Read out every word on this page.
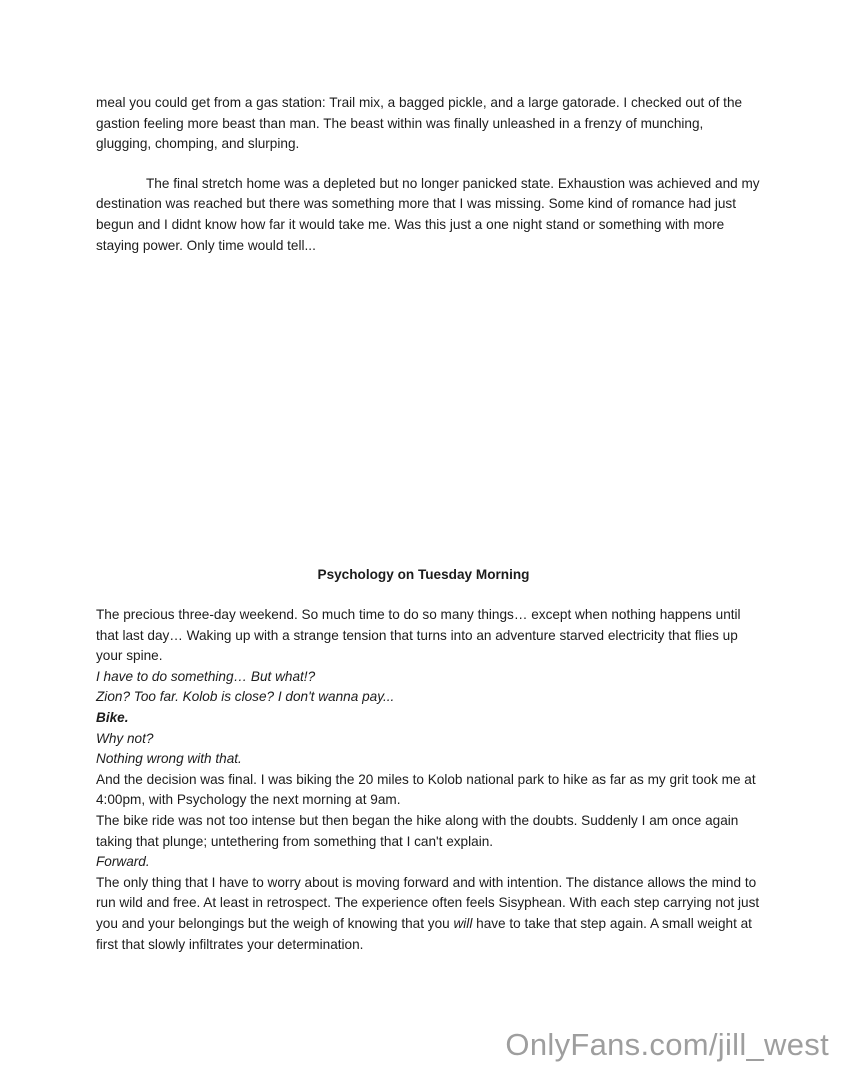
meal you could get from a gas station: Trail mix, a bagged pickle, and a large gatorade. I checked out of the gastion feeling more beast than man. The beast within was finally unleashed in a frenzy of munching, glugging, chomping, and slurping.

The final stretch home was a depleted but no longer panicked state. Exhaustion was achieved and my destination was reached but there was something more that I was missing. Some kind of romance had just begun and I didnt know how far it would take me. Was this just a one night stand or something with more staying power. Only time would tell...

Psychology on Tuesday Morning

The precious three-day weekend. So much time to do so many things… except when nothing happens until that last day… Waking up with a strange tension that turns into an adventure starved electricity that flies up your spine.

I have to do something… But what!?

Zion? Too far. Kolob is close? I don't wanna pay...

Bike.

Why not?

Nothing wrong with that.

And the decision was final. I was biking the 20 miles to Kolob national park to hike as far as my grit took me at 4:00pm, with Psychology the next morning at 9am.

The bike ride was not too intense but then began the hike along with the doubts. Suddenly I am once again taking that plunge; untethering from something that I can't explain.

Forward.

The only thing that I have to worry about is moving forward and with intention. The distance allows the mind to run wild and free. At least in retrospect. The experience often feels Sisyphean. With each step carrying not just you and your belongings but the weigh of knowing that you will have to take that step again. A small weight at first that slowly infiltrates your determination.

OnlyFans.com/jill_west
